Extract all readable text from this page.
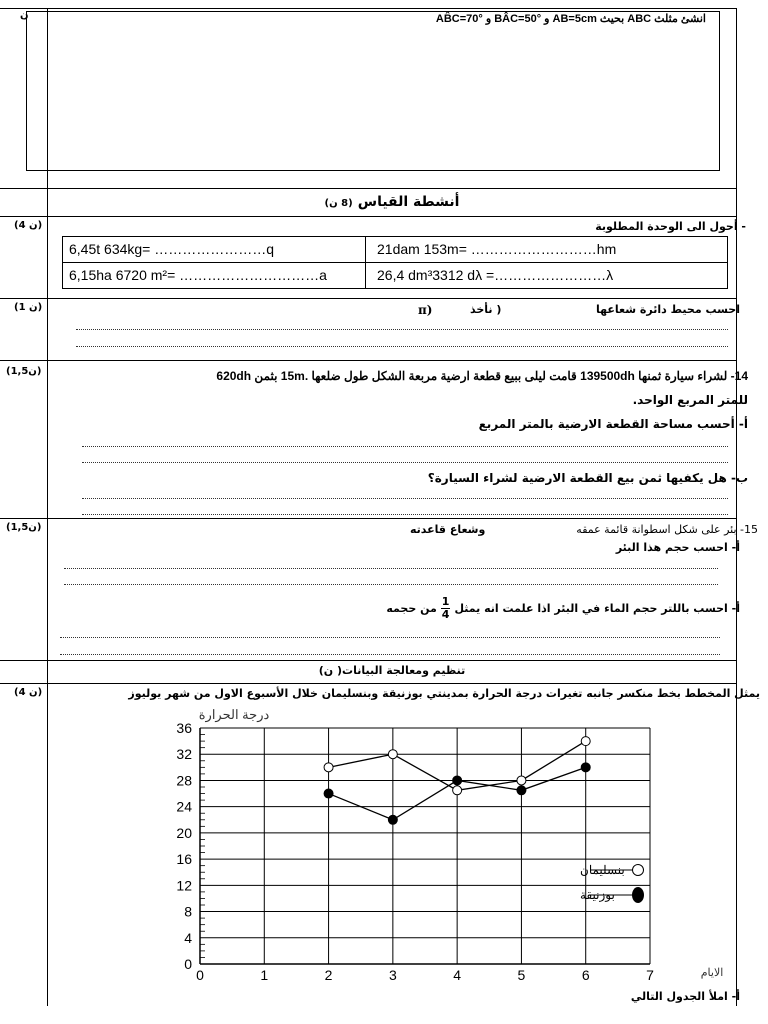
انشئ مثلث ABC بحيث AB=5cm و BÂC=50° و AB̂C=70°
ن
أنشطة القياس (8 ن)
(4 ن)	- أحول الى الوحدة المطلوبة
6,45t 634kg= ……………………q	21dam 153m= ………………………hm
6,15ha 6720 m²= …………………………a	26,4 dm³3312 dλ =……………………λ
(1 ن)	احسب محيط دائرة شعاعها
( نأخذ
π)
(1,5ن)	14- لشراء سيارة ثمنها 139500dh قامت ليلى ببيع قطعة ارضية مربعة الشكل طول ضلعها .15m بثمن 620dh
للمتر المربع الواحد.
أ- أحسب مساحة القطعة الارضية بالمتر المربع
ب- هل يكفيها ثمن بيع القطعة الارضية لشراء السيارة؟
(1,5ن)	15- بئر على شكل اسطوانة قائمة عمقه
وشعاع قاعدته
أ- احسب حجم هذا البئر
أ- احسب باللتر حجم الماء في البئر اذا علمت انه يمثل
$\frac{1}{4}$
من حجمه
تنظيم ومعالجة البيانات( ن)
(4 ن)	يمثل المخطط بخط منكسر جانبه تغيرات درجة الحرارة بمدينتي بوزنيقة وبنسليمان خلال الأسبوع الاول من شهر يوليوز
0
4
8
12
16
20
24
28
32
36
0	1	2	3	4	5	6	7
درجة الحرارة
الايام
بنسليمان
بوزنيقة
أ- املأ الجدول التالي
